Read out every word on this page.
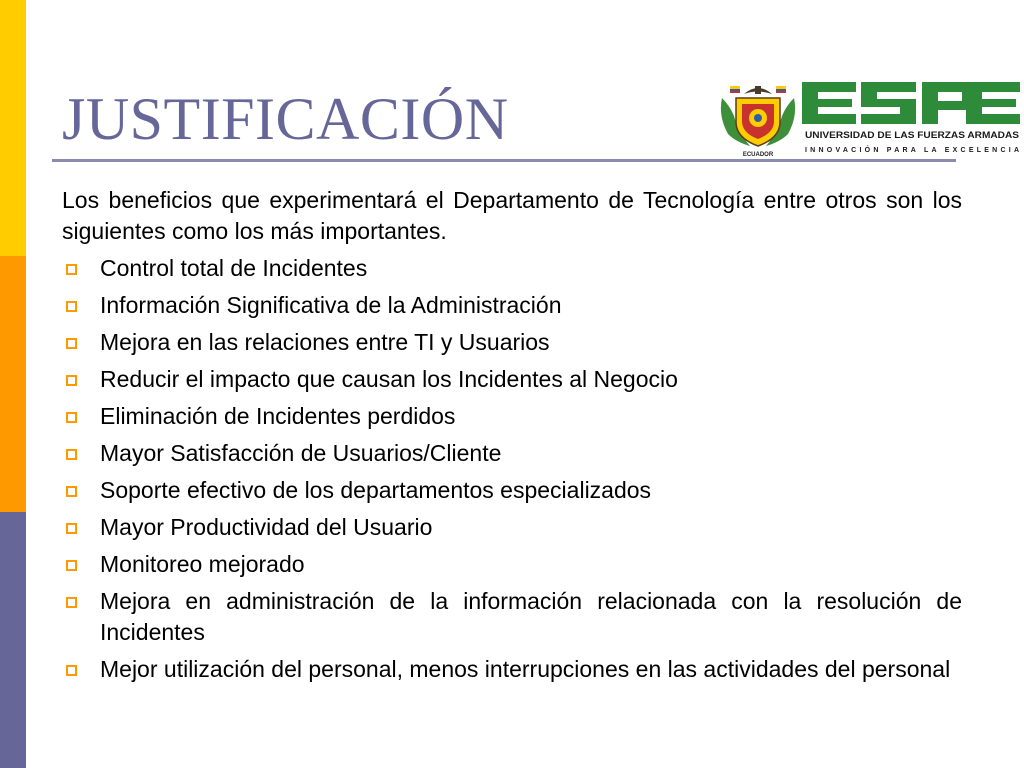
JUSTIFICACIÓN
ECUADOR
UNIVERSIDAD DE LAS FUERZAS ARMADAS
INNOVACIÓN PARA LA EXCELENCIA

Los beneficios que experimentará el Departamento de Tecnología entre otros son los siguientes como los más importantes.

Control total de Incidentes
Información Significativa de la Administración
Mejora en las relaciones entre TI y Usuarios
Reducir el impacto que causan los Incidentes al Negocio
Eliminación de Incidentes perdidos
Mayor Satisfacción de Usuarios/Cliente
Soporte efectivo de los departamentos especializados
Mayor Productividad del Usuario
Monitoreo mejorado
Mejora en administración de la información relacionada con la resolución de Incidentes
Mejor utilización del personal, menos interrupciones en las actividades del personal
